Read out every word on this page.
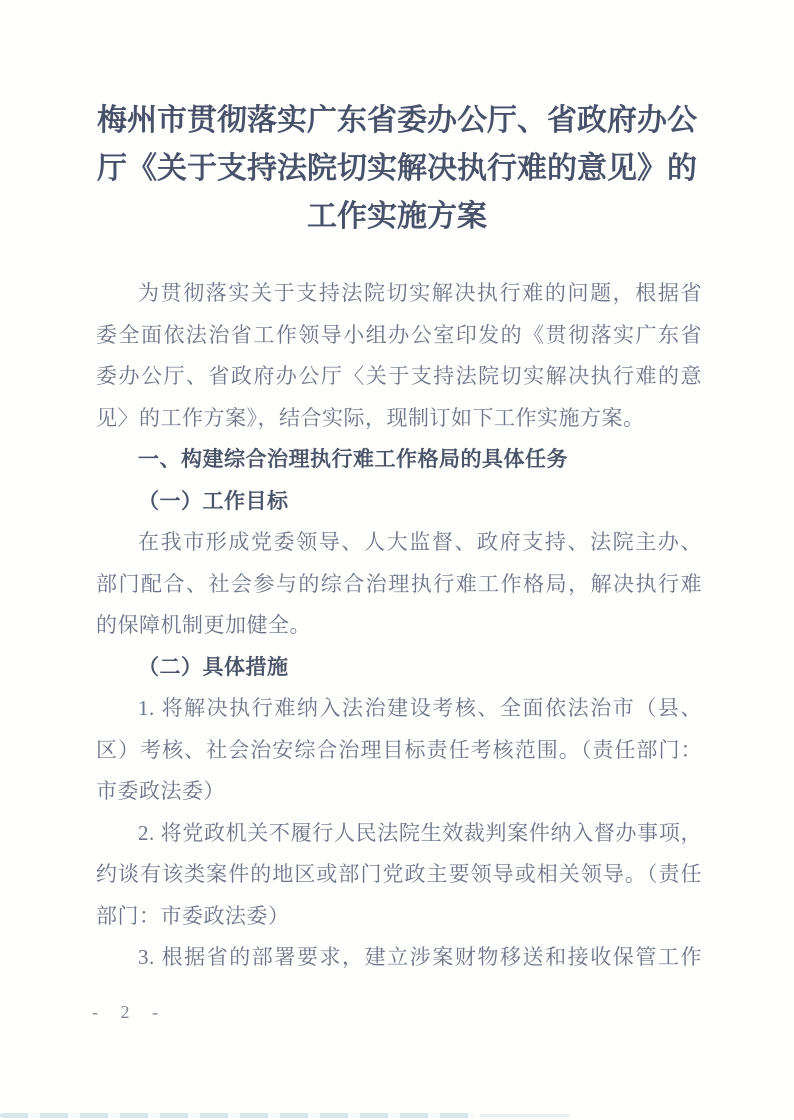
梅州市贯彻落实广东省委办公厅、省政府办公
厅《关于支持法院切实解决执行难的意见》的
工作实施方案
为贯彻落实关于支持法院切实解决执行难的问题，根据省
委全面依法治省工作领导小组办公室印发的《贯彻落实广东省
委办公厅、省政府办公厅〈关于支持法院切实解决执行难的意
见〉的工作方案》，结合实际，现制订如下工作实施方案。
一、构建综合治理执行难工作格局的具体任务
（一）工作目标
在我市形成党委领导、人大监督、政府支持、法院主办、
部门配合、社会参与的综合治理执行难工作格局，解决执行难
的保障机制更加健全。
（二）具体措施
1. 将解决执行难纳入法治建设考核、全面依法治市（县、
区）考核、社会治安综合治理目标责任考核范围。（责任部门：
市委政法委）
2. 将党政机关不履行人民法院生效裁判案件纳入督办事项，
约谈有该类案件的地区或部门党政主要领导或相关领导。（责任
部门：市委政法委）
3. 根据省的部署要求，建立涉案财物移送和接收保管工作
- 2 -
